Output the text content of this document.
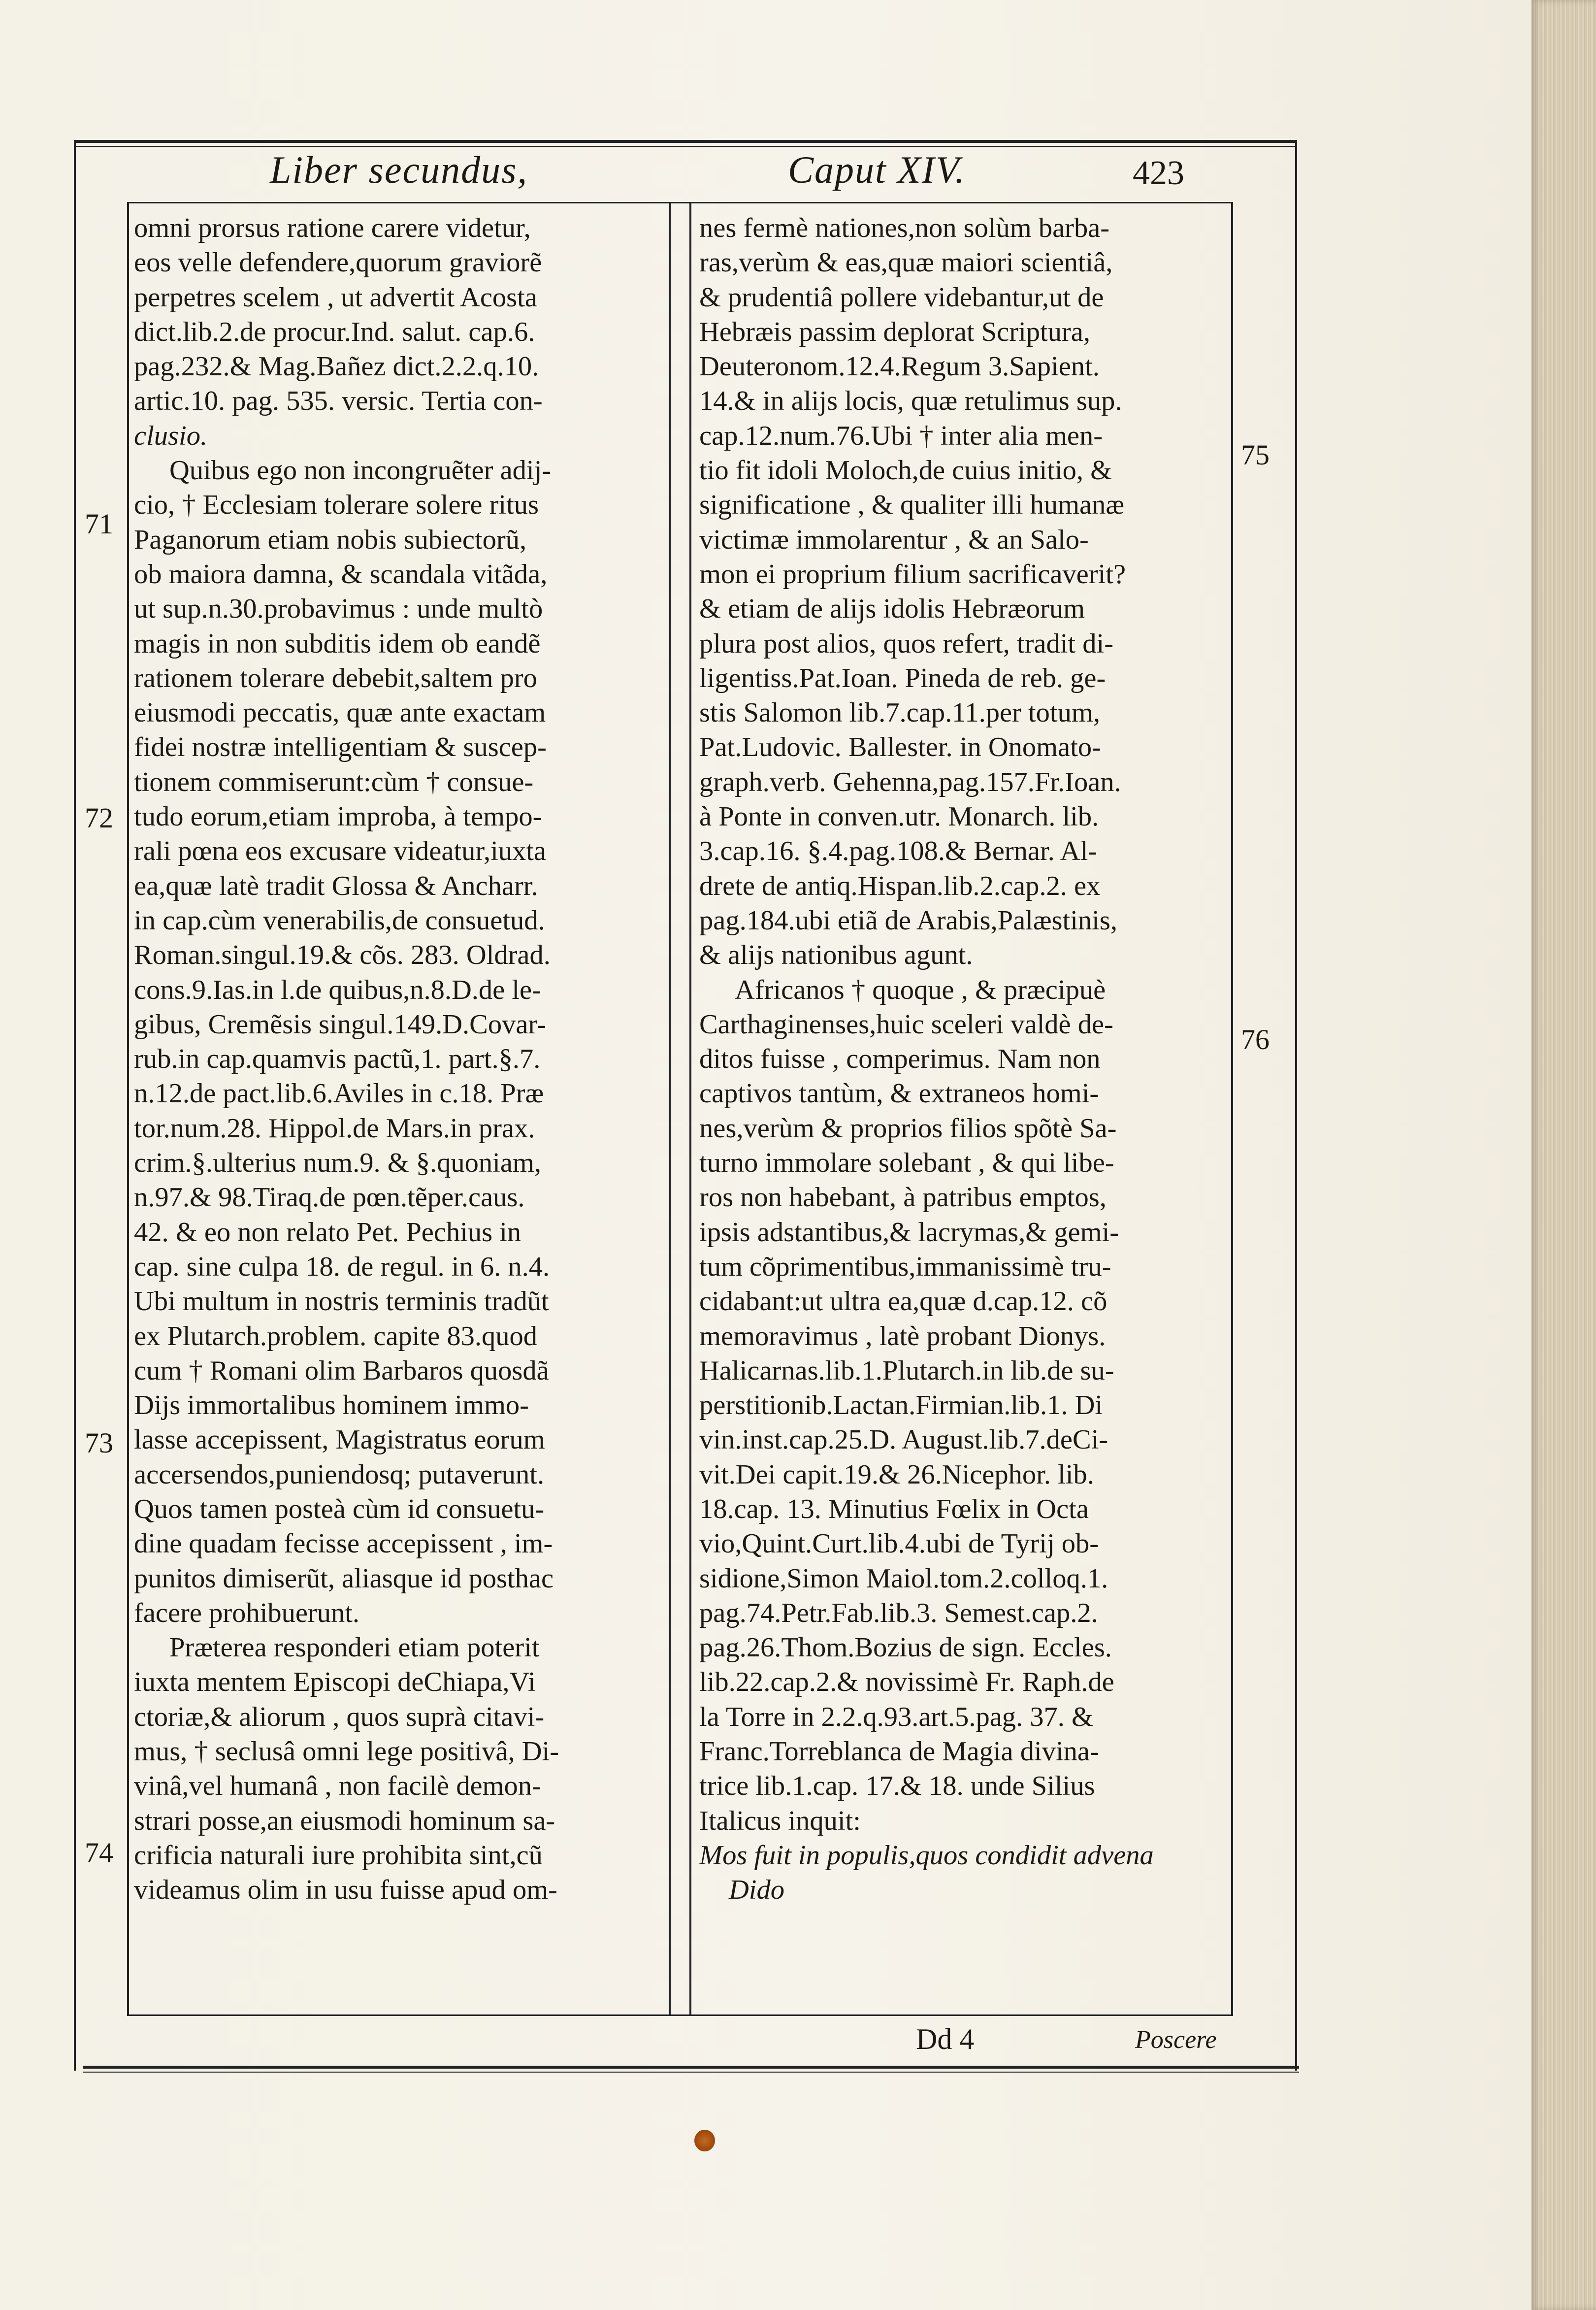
Liber secundus,	Caput XIV.	423
omni prorsus ratione carere videtur,
eos velle defendere,quorum graviorẽ
perpetres scelem , ut advertit Acosta
dict.lib.2.de procur.Ind. salut. cap.6.
pag.232.& Mag.Bañez dict.2.2.q.10.
artic.10. pag. 535. versic. Tertia con-
clusio.
Quibus ego non incongruẽter adij-
cio, † Ecclesiam tolerare solere ritus
Paganorum etiam nobis subiectorũ,
ob maiora damna, & scandala vitãda,
ut sup.n.30.probavimus : unde multò
magis in non subditis idem ob eandẽ
rationem tolerare debebit,saltem pro
eiusmodi peccatis, quæ ante exactam
fidei nostræ intelligentiam & suscep-
tionem commiserunt:cùm † consue-
tudo eorum,etiam improba, à tempo-
rali pœna eos excusare videatur,iuxta
ea,quæ latè tradit Glossa & Ancharr.
in cap.cùm venerabilis,de consuetud.
Roman.singul.19.& cõs. 283. Oldrad.
cons.9.Ias.in l.de quibus,n.8.D.de le-
gibus, Cremẽsis singul.149.D.Covar-
rub.in cap.quamvis pactũ,1. part.§.7.
n.12.de pact.lib.6.Aviles in c.18. Præ
tor.num.28. Hippol.de Mars.in prax.
crim.§.ulterius num.9. & §.quoniam,
n.97.& 98.Tiraq.de pœn.tẽper.caus.
42. & eo non relato Pet. Pechius in
cap. sine culpa 18. de regul. in 6. n.4.
Ubi multum in nostris terminis tradũt
ex Plutarch.problem. capite 83.quod
cum † Romani olim Barbaros quosdã
Dijs immortalibus hominem immo-
lasse accepissent, Magistratus eorum
accersendos,puniendosq; putaverunt.
Quos tamen posteà cùm id consuetu-
dine quadam fecisse accepissent , im-
punitos dimiserũt, aliasque id posthac
facere prohibuerunt.
Præterea responderi etiam poterit
iuxta mentem Episcopi deChiapa,Vi
ctoriæ,& aliorum , quos suprà citavi-
mus, † seclusâ omni lege positivâ, Di-
vinâ,vel humanâ , non facilè demon-
strari posse,an eiusmodi hominum sa-
crificia naturali iure prohibita sint,cũ
videamus olim in usu fuisse apud om-
nes fermè nationes,non solùm barba-
ras,verùm & eas,quæ maiori scientiâ,
& prudentiâ pollere videbantur,ut de
Hebræis passim deplorat Scriptura,
Deuteronom.12.4.Regum 3.Sapient.
14.& in alijs locis, quæ retulimus sup.
cap.12.num.76.Ubi † inter alia men-
tio fit idoli Moloch,de cuius initio, &
significatione , & qualiter illi humanæ
victimæ immolarentur , & an Salo-
mon ei proprium filium sacrificaverit?
& etiam de alijs idolis Hebræorum
plura post alios, quos refert, tradit di-
ligentiss.Pat.Ioan. Pineda de reb. ge-
stis Salomon lib.7.cap.11.per totum,
Pat.Ludovic. Ballester. in Onomato-
graph.verb. Gehenna,pag.157.Fr.Ioan.
à Ponte in conven.utr. Monarch. lib.
3.cap.16. §.4.pag.108.& Bernar. Al-
drete de antiq.Hispan.lib.2.cap.2. ex
pag.184.ubi etiã de Arabis,Palæstinis,
& alijs nationibus agunt.
Africanos † quoque , & præcipuè
Carthaginenses,huic sceleri valdè de-
ditos fuisse , comperimus. Nam non
captivos tantùm, & extraneos homi-
nes,verùm & proprios filios spõtè Sa-
turno immolare solebant , & qui libe-
ros non habebant, à patribus emptos,
ipsis adstantibus,& lacrymas,& gemi-
tum cõprimentibus,immanissimè tru-
cidabant:ut ultra ea,quæ d.cap.12. cõ
memoravimus , latè probant Dionys.
Halicarnas.lib.1.Plutarch.in lib.de su-
perstitionib.Lactan.Firmian.lib.1. Di
vin.inst.cap.25.D. August.lib.7.deCi-
vit.Dei capit.19.& 26.Nicephor. lib.
18.cap. 13. Minutius Fœlix in Octa
vio,Quint.Curt.lib.4.ubi de Tyrij ob-
sidione,Simon Maiol.tom.2.colloq.1.
pag.74.Petr.Fab.lib.3. Semest.cap.2.
pag.26.Thom.Bozius de sign. Eccles.
lib.22.cap.2.& novissimè Fr. Raph.de
la Torre in 2.2.q.93.art.5.pag. 37. &
Franc.Torreblanca de Magia divina-
trice lib.1.cap. 17.& 18. unde Silius
Italicus inquit:
Mos fuit in populis,quos condidit advena
Dido
71
72
73
74
75
76
Dd 4	Poscere
